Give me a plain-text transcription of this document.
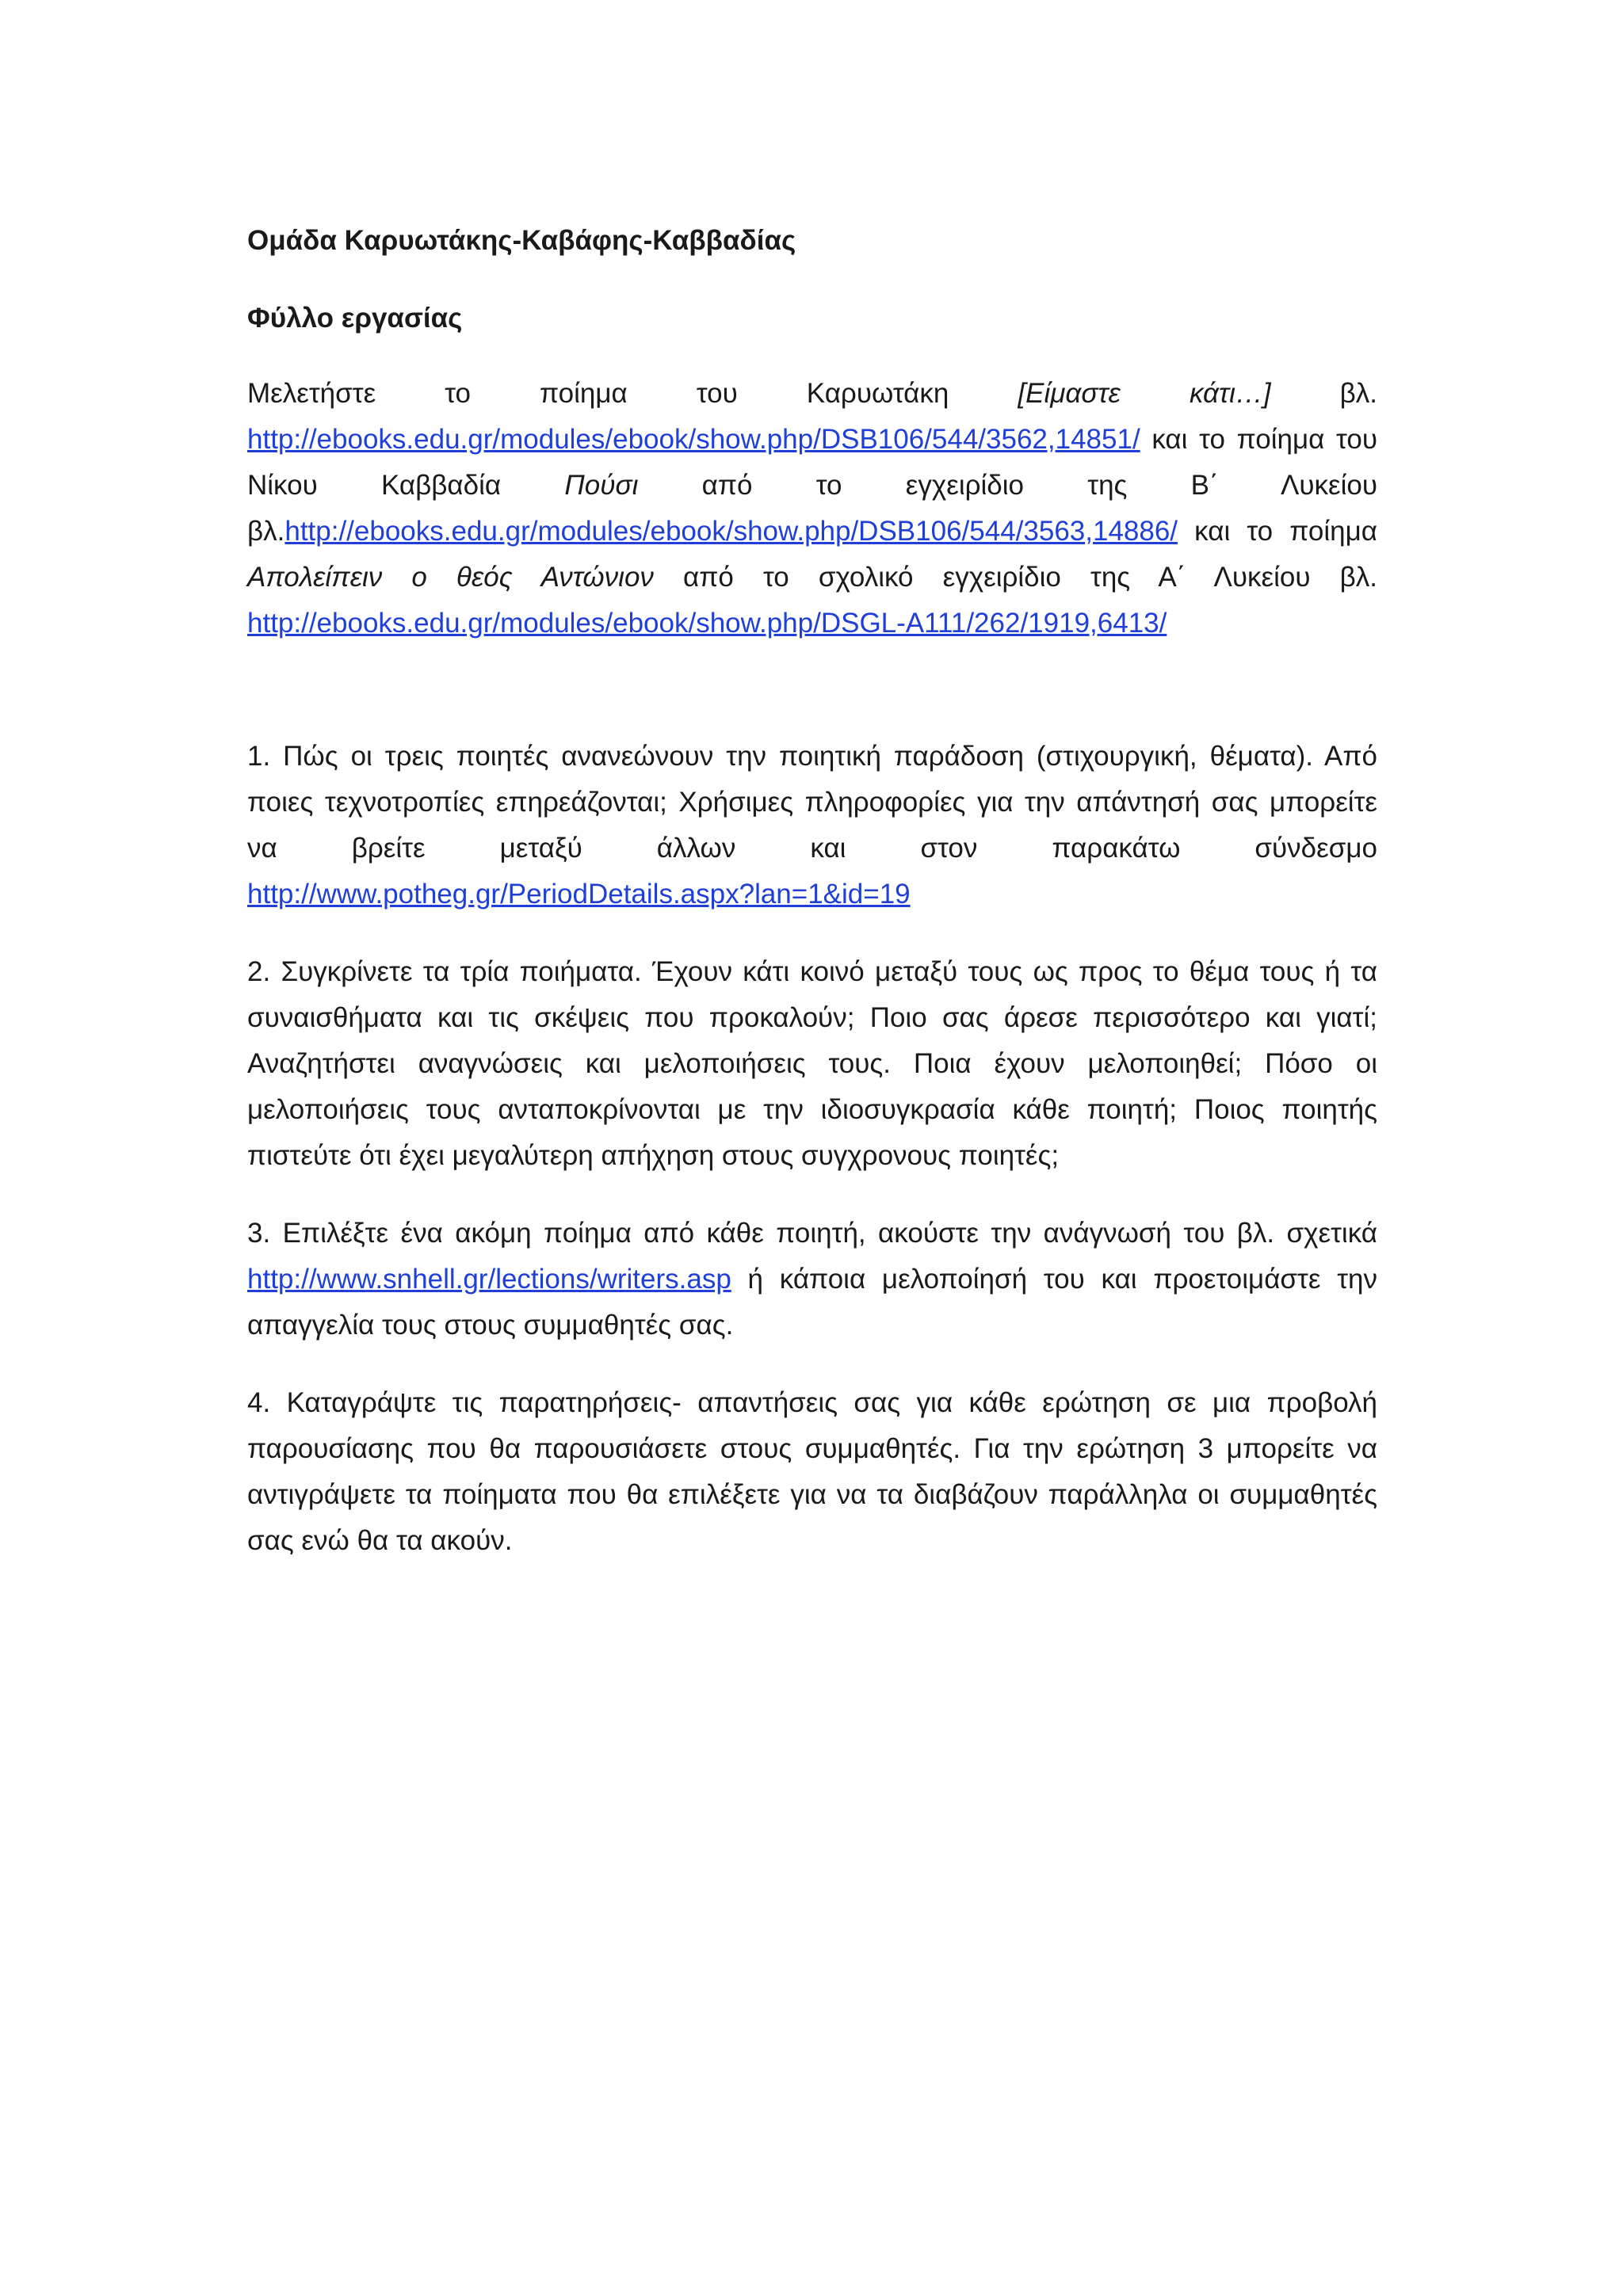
Ομάδα Καρυωτάκης-Καβάφης-Καββαδίας

Φύλλο εργασίας

Μελετήστε το ποίημα του Καρυωτάκη [Είμαστε κάτι…] βλ. http://ebooks.edu.gr/modules/ebook/show.php/DSB106/544/3562,14851/ και το ποίημα του Νίκου Καββαδία Πούσι από το εγχειρίδιο της Β΄ Λυκείου βλ.http://ebooks.edu.gr/modules/ebook/show.php/DSB106/544/3563,14886/ και το ποίημα Απολείπειν ο θεός Αντώνιον από το σχολικό εγχειρίδιο της Α΄ Λυκείου βλ. http://ebooks.edu.gr/modules/ebook/show.php/DSGL-A111/262/1919,6413/

1. Πώς οι τρεις ποιητές ανανεώνουν την ποιητική παράδοση (στιχουργική, θέματα). Από ποιες τεχνοτροπίες επηρεάζονται; Χρήσιμες πληροφορίες για την απάντησή σας μπορείτε να βρείτε μεταξύ άλλων και στον παρακάτω σύνδεσμο http://www.potheg.gr/PeriodDetails.aspx?lan=1&id=19

2. Συγκρίνετε τα τρία ποιήματα. Έχουν κάτι κοινό μεταξύ τους ως προς το θέμα τους ή τα συναισθήματα και τις σκέψεις που προκαλούν; Ποιο σας άρεσε περισσότερο και γιατί; Αναζητήστει αναγνώσεις και μελοποιήσεις τους. Ποια έχουν μελοποιηθεί; Πόσο οι μελοποιήσεις τους ανταποκρίνονται με την ιδιοσυγκρασία κάθε ποιητή; Ποιος ποιητής πιστεύτε ότι έχει μεγαλύτερη απήχηση στους συγχρονους ποιητές;

3. Επιλέξτε ένα ακόμη ποίημα από κάθε ποιητή, ακούστε την ανάγνωσή του βλ. σχετικά http://www.snhell.gr/lections/writers.asp ή κάποια μελοποίησή του και προετοιμάστε την απαγγελία τους στους συμμαθητές σας.

4. Καταγράψτε τις παρατηρήσεις- απαντήσεις σας για κάθε ερώτηση σε μια προβολή παρουσίασης που θα παρουσιάσετε στους συμμαθητές. Για την ερώτηση 3 μπορείτε να αντιγράψετε τα ποίηματα που θα επιλέξετε για να τα διαβάζουν παράλληλα οι συμμαθητές σας ενώ θα τα ακούν.
